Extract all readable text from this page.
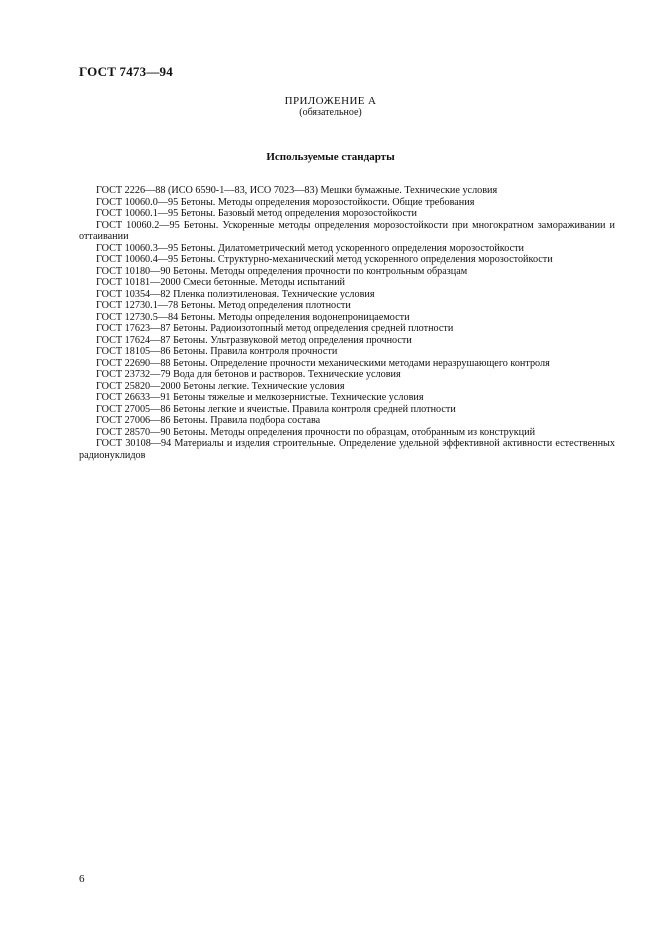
ГОСТ 7473—94
ПРИЛОЖЕНИЕ А
(обязательное)
Используемые стандарты
ГОСТ 2226—88 (ИСО 6590-1—83, ИСО 7023—83) Мешки бумажные. Технические условия
ГОСТ 10060.0—95 Бетоны. Методы определения морозостойкости. Общие требования
ГОСТ 10060.1—95 Бетоны. Базовый метод определения морозостойкости
ГОСТ 10060.2—95 Бетоны. Ускоренные методы определения морозостойкости при многократном замораживании и оттаивании
ГОСТ 10060.3—95 Бетоны. Дилатометрический метод ускоренного определения морозостойкости
ГОСТ 10060.4—95 Бетоны. Структурно-механический метод ускоренного определения морозостойкости
ГОСТ 10180—90 Бетоны. Методы определения прочности по контрольным образцам
ГОСТ 10181—2000 Смеси бетонные. Методы испытаний
ГОСТ 10354—82 Пленка полиэтиленовая. Технические условия
ГОСТ 12730.1—78 Бетоны. Метод определения плотности
ГОСТ 12730.5—84 Бетоны. Методы определения водонепроницаемости
ГОСТ 17623—87 Бетоны. Радиоизотопный метод определения средней плотности
ГОСТ 17624—87 Бетоны. Ультразвуковой метод определения прочности
ГОСТ 18105—86 Бетоны. Правила контроля прочности
ГОСТ 22690—88 Бетоны. Определение прочности механическими методами неразрушающего контроля
ГОСТ 23732—79 Вода для бетонов и растворов. Технические условия
ГОСТ 25820—2000 Бетоны легкие. Технические условия
ГОСТ 26633—91 Бетоны тяжелые и мелкозернистые. Технические условия
ГОСТ 27005—86 Бетоны легкие и ячеистые. Правила контроля средней плотности
ГОСТ 27006—86 Бетоны. Правила подбора состава
ГОСТ 28570—90 Бетоны. Методы определения прочности по образцам, отобранным из конструкций
ГОСТ 30108—94 Материалы и изделия строительные. Определение удельной эффективной активности естественных радионуклидов
6
